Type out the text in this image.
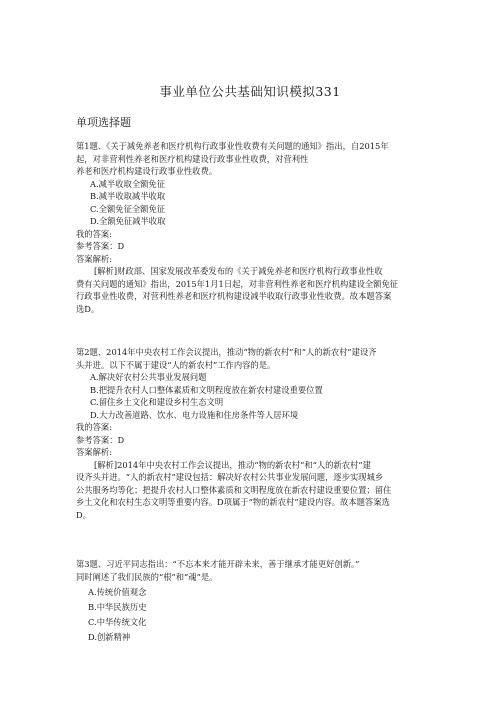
事业单位公共基础知识模拟331
单项选择题

第1题、《关于减免养老和医疗机构行政事业性收费有关问题的通知》指出，自2015年

起，对非营利性养老和医疗机构建设行政事业性收费，对营利性

养老和医疗机构建设行政事业性收费。

A.减半收取全额免征

B.减半收取减半收取

C.全额免征全额免征

D.全额免征减半收取

我的答案:

参考答案：D

答案解析:

[解析]财政部、国家发展改革委发布的《关于减免养老和医疗机构行政事业性收

费有关问题的通知》指出，2015年1月1日起，对非营利性养老和医疗机构建设全额免征

行政事业性收费，对营利性养老和医疗机构建设减半收取行政事业性收费。故本题答案

选D。

第2题、2014年中央农村工作会议提出，推动“物的新农村”和“人的新农村”建设齐

头并进。以下不属于建设“人的新农村”工作内容的是。

A.解决好农村公共事业发展问题

B.把提升农村人口整体素质和文明程度放在新农村建设重要位置

C.留住乡土文化和建设乡村生态文明

D.大力改善道路、饮水、电力设施和住房条件等人居环境

我的答案:

参考答案：D

答案解析:

[解析]2014年中央农村工作会议提出，推动“物的新农村”和“人的新农村”建

设齐头并进。“人的新农村”建设包括：解决好农村公共事业发展问题，逐步实现城乡

公共服务均等化；把提升农村人口整体素质和文明程度放在新农村建设重要位置；留住

乡土文化和农村生态文明等重要内容。D项属于“物的新农村”建设内容。故本题答案选

D。

第3题、习近平同志指出：“不忘本来才能开辟未来，善于继承才能更好创新。”

同时阐述了我们民族的“根”和“魂”是。

A.传统价值观念

B.中华民族历史

C.中华传统文化

D.创新精神
